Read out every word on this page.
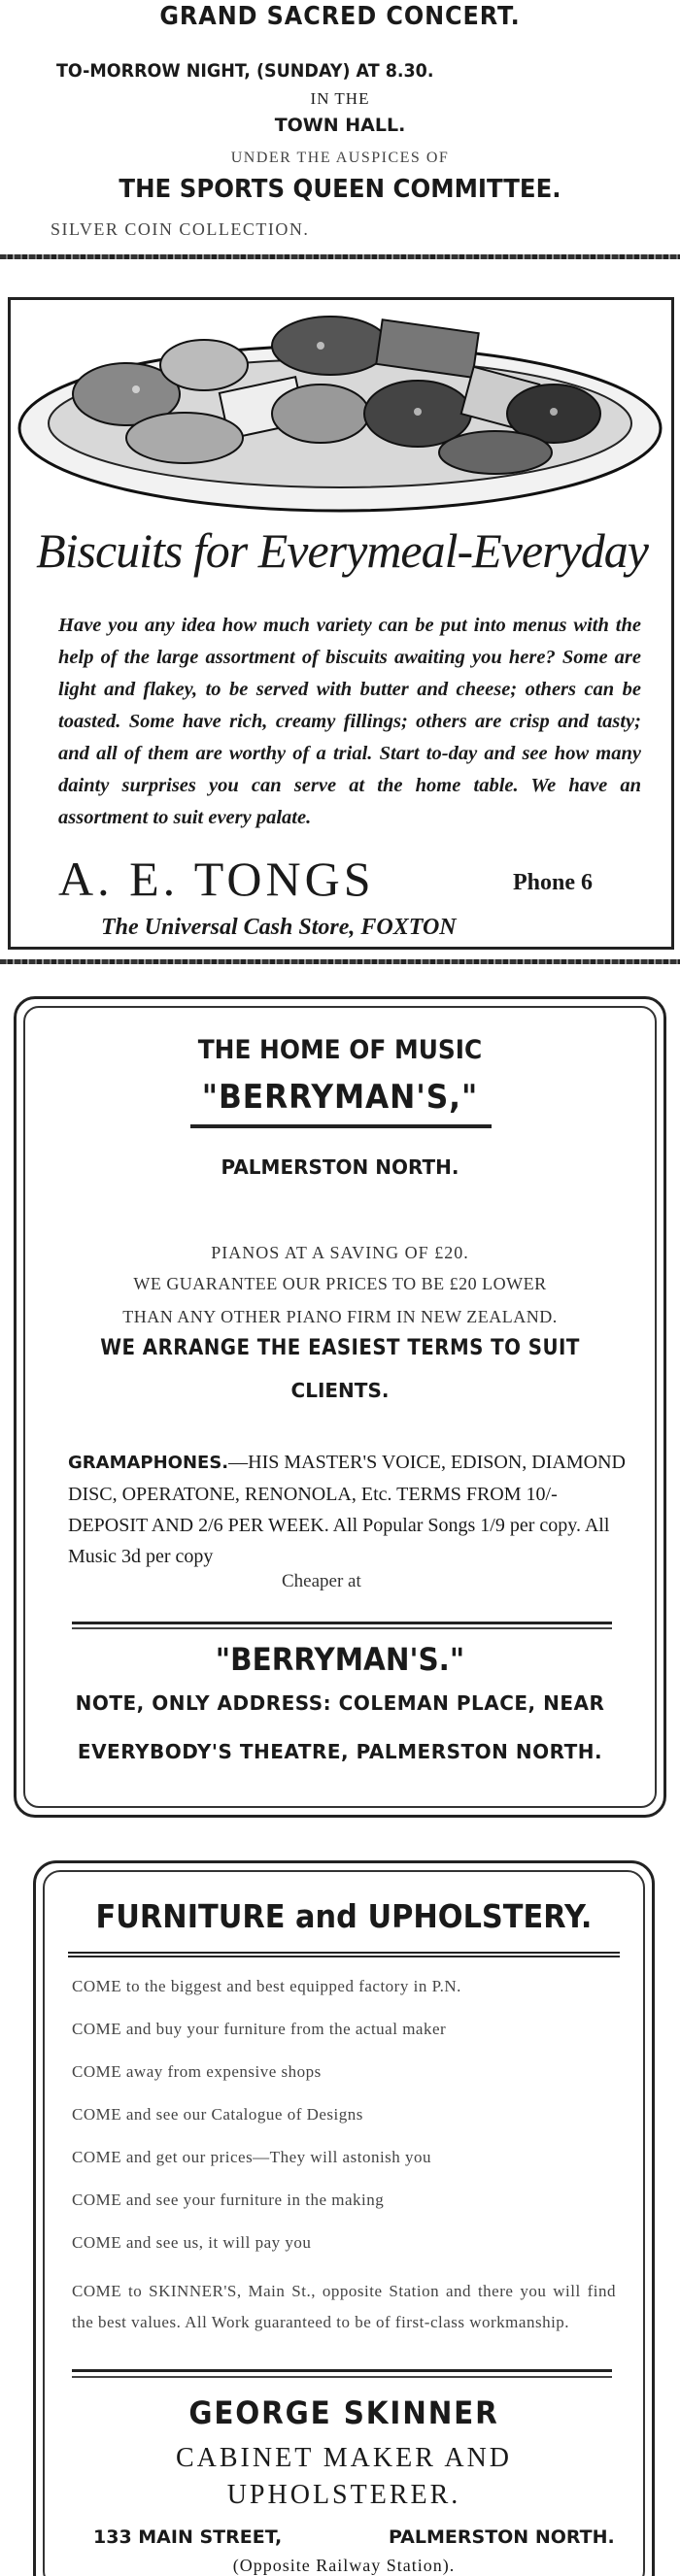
GRAND SACRED CONCERT.
TO-MORROW NIGHT, (SUNDAY) AT 8.30.
IN THE
TOWN HALL.
UNDER THE AUSPICES OF
THE SPORTS QUEEN COMMITTEE.
SILVER COIN COLLECTION.
Biscuits for Everymeal-Everyday
Have you any idea how much variety can be put into menus with the help of the large assortment of biscuits awaiting you here? Some are light and flakey, to be served with butter and cheese; others can be toasted. Some have rich, creamy fillings; others are crisp and tasty; and all of them are worthy of a trial. Start to-day and see how many dainty surprises you can serve at the home table. We have an assortment to suit every palate.
A. E. TONGS	Phone 6
The Universal Cash Store, FOXTON
THE HOME OF MUSIC
"BERRYMAN'S,"
PALMERSTON NORTH.
PIANOS AT A SAVING OF £20.
WE GUARANTEE OUR PRICES TO BE £20 LOWER
THAN ANY OTHER PIANO FIRM IN NEW ZEALAND.
WE ARRANGE THE EASIEST TERMS TO SUIT
CLIENTS.
GRAMAPHONES.—HIS MASTER'S VOICE, EDISON, DIAMOND DISC, OPERATONE, RENONOLA, Etc. TERMS FROM 10/- DEPOSIT AND 2/6 PER WEEK. All Popular Songs 1/9 per copy. All Music 3d per copy
Cheaper at
"BERRYMAN'S."
NOTE, ONLY ADDRESS: COLEMAN PLACE, NEAR
EVERYBODY'S THEATRE, PALMERSTON NORTH.
FURNITURE and UPHOLSTERY.
COME to the biggest and best equipped factory in P.N.
COME and buy your furniture from the actual maker
COME away from expensive shops
COME and see our Catalogue of Designs
COME and get our prices—They will astonish you
COME and see your furniture in the making
COME and see us, it will pay you
COME to SKINNER'S, Main St., opposite Station and there you will find the best values. All Work guaranteed to be of first-class workmanship.
GEORGE SKINNER
CABINET MAKER AND
UPHOLSTERER.
133 MAIN STREET,	PALMERSTON NORTH.
(Opposite Railway Station).
